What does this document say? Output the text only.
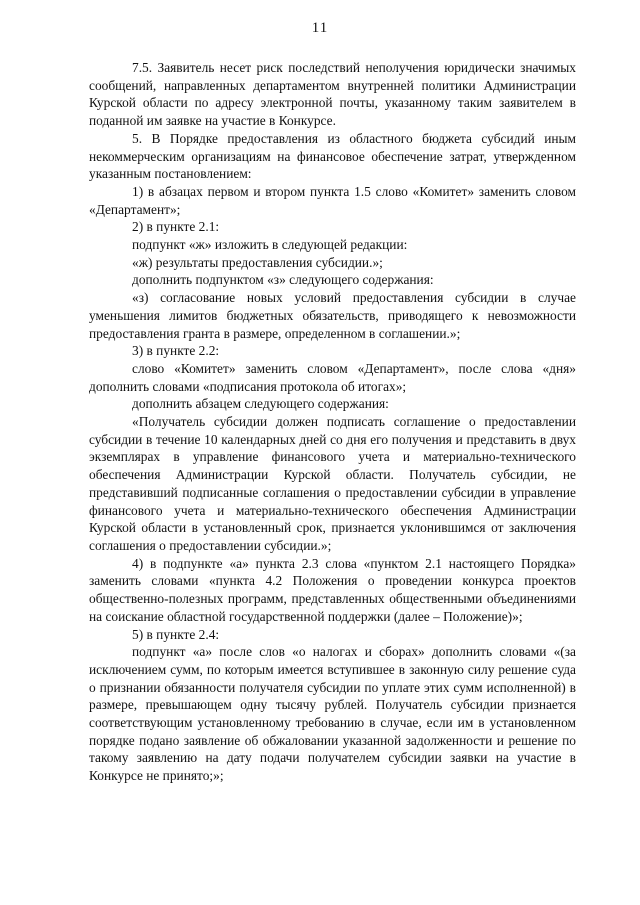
11

7.5. Заявитель несет риск последствий неполучения юридически значимых сообщений, направленных департаментом внутренней политики Администрации Курской области по адресу электронной почты, указанному таким заявителем в поданной им заявке на участие в Конкурсе.

5. В Порядке предоставления из областного бюджета субсидий иным некоммерческим организациям на финансовое обеспечение затрат, утвержденном указанным постановлением:

1) в абзацах первом и втором пункта 1.5 слово «Комитет» заменить словом «Департамент»;

2) в пункте 2.1:

подпункт «ж» изложить в следующей редакции:

«ж) результаты предоставления субсидии.»;

дополнить подпунктом «з» следующего содержания:

«з) согласование новых условий предоставления субсидии в случае уменьшения лимитов бюджетных обязательств, приводящего к невозможности предоставления гранта в размере, определенном в соглашении.»;

3) в пункте 2.2:

слово «Комитет» заменить словом «Департамент», после слова «дня» дополнить словами «подписания протокола об итогах»;

дополнить абзацем следующего содержания:

«Получатель субсидии должен подписать соглашение о предоставлении субсидии в течение 10 календарных дней со дня его получения и представить в двух экземплярах в управление финансового учета и материально-технического обеспечения Администрации Курской области. Получатель субсидии, не представивший подписанные соглашения о предоставлении субсидии в управление финансового учета и материально-технического обеспечения Администрации Курской области в установленный срок, признается уклонившимся от заключения соглашения о предоставлении субсидии.»;

4) в подпункте «а» пункта 2.3 слова «пунктом 2.1 настоящего Порядка» заменить словами «пункта 4.2 Положения о проведении конкурса проектов общественно-полезных программ, представленных общественными объединениями на соискание областной государственной поддержки (далее – Положение)»;

5) в пункте 2.4:

подпункт «а» после слов «о налогах и сборах» дополнить словами «(за исключением сумм, по которым имеется вступившее в законную силу решение суда о признании обязанности получателя субсидии по уплате этих сумм исполненной) в размере, превышающем одну тысячу рублей. Получатель субсидии признается соответствующим установленному требованию в случае, если им в установленном порядке подано заявление об обжаловании указанной задолженности и решение по такому заявлению на дату подачи получателем субсидии заявки на участие в Конкурсе не принято;»;
